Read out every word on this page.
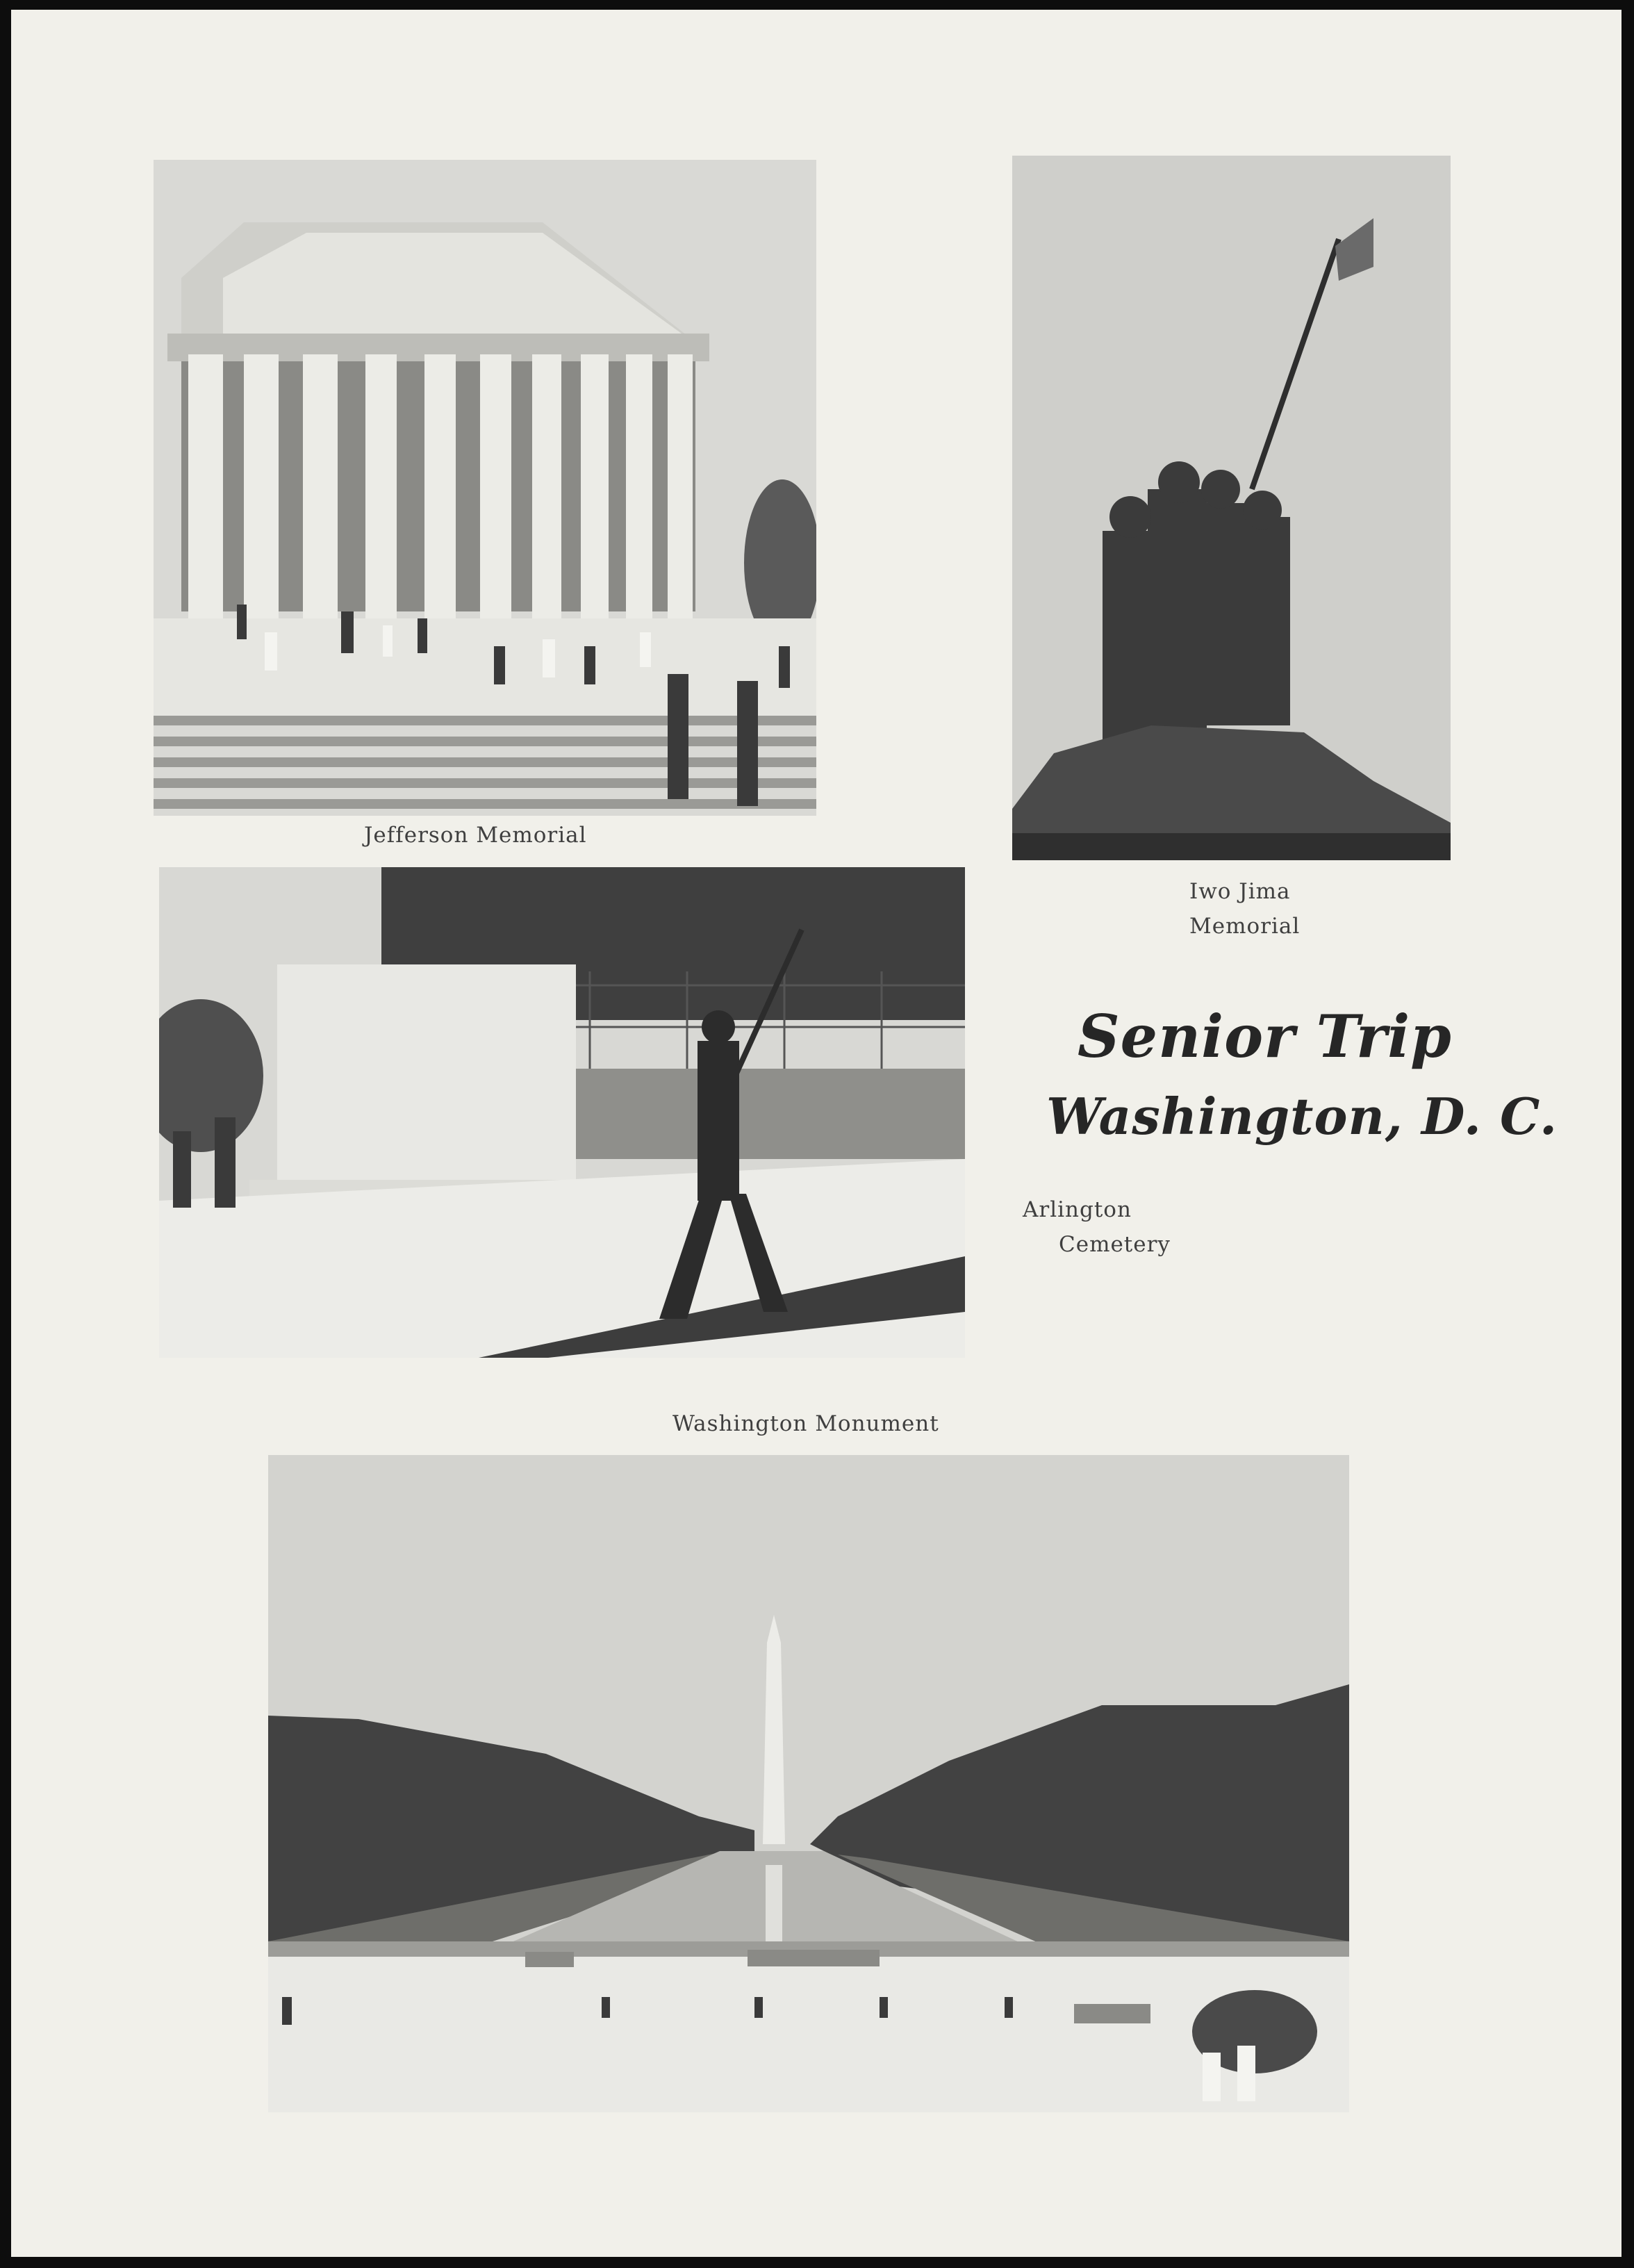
Jefferson Memorial
Iwo Jima
Memorial
Senior Trip
Washington, D. C.
Arlington
Cemetery
Washington Monument
